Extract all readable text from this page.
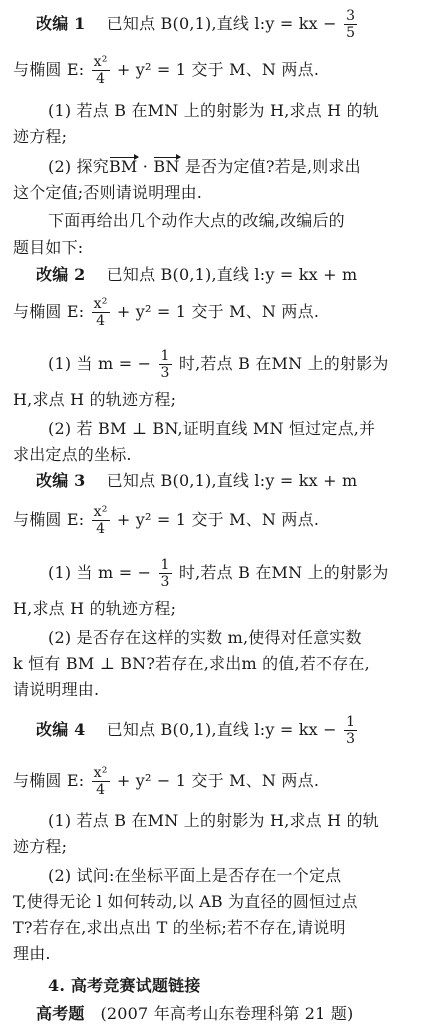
改编 1 已知点 B(0,1),直线 l:y = kx − $\frac{3}{5}$
与椭圆 E: $\frac{\text{x²}}{4} + y^2 = 1$ 交于 M、N 两点.
(1) 若点 B 在MN 上的射影为 H,求点 H 的轨
迹方程;
(2) 探究BM · BN 是否为定值?若是,则求出
这个定值;否则请说明理由.
下面再给出几个动作大点的改编,改编后的
题目如下:
改编 2 已知点 B(0,1),直线 l:y = kx + m
与椭圆 E: $\frac{\text{x²}}{4} + y^2 = 1$ 交于 M、N 两点.
(1) 当 m = − $\frac{1}{3}$ 时,若点 B 在MN 上的射影为
H,求点 H 的轨迹方程;
(2) 若 BM ⊥ BN,证明直线 MN 恒过定点,并
求出定点的坐标.
改编 3 已知点 B(0,1),直线 l:y = kx + m
与椭圆 E: $\frac{\text{x²}}{4} + y^2 = 1$ 交于 M、N 两点.
(1) 当 m = − $\frac{1}{3}$ 时,若点 B 在MN 上的射影为
H,求点 H 的轨迹方程;
(2) 是否存在这样的实数 m,使得对任意实数
k 恒有 BM ⊥ BN?若存在,求出m 的值,若不存在,
请说明理由.
改编 4 已知点 B(0,1),直线 l:y = kx − $\frac{1}{3}$
与椭圆 E: $\frac{\text{x²}}{4} + y^2 - 1$ 交于 M、N 两点.
(1) 若点 B 在MN 上的射影为 H,求点 H 的轨
迹方程;
(2) 试问:在坐标平面上是否存在一个定点
T,使得无论 l 如何转动,以 AB 为直径的圆恒过点
T?若存在,求出点出 T 的坐标;若不存在,请说明
理由.
4. 高考竞赛试题链接
高考题 (2007 年高考山东卷理科第 21 题)
